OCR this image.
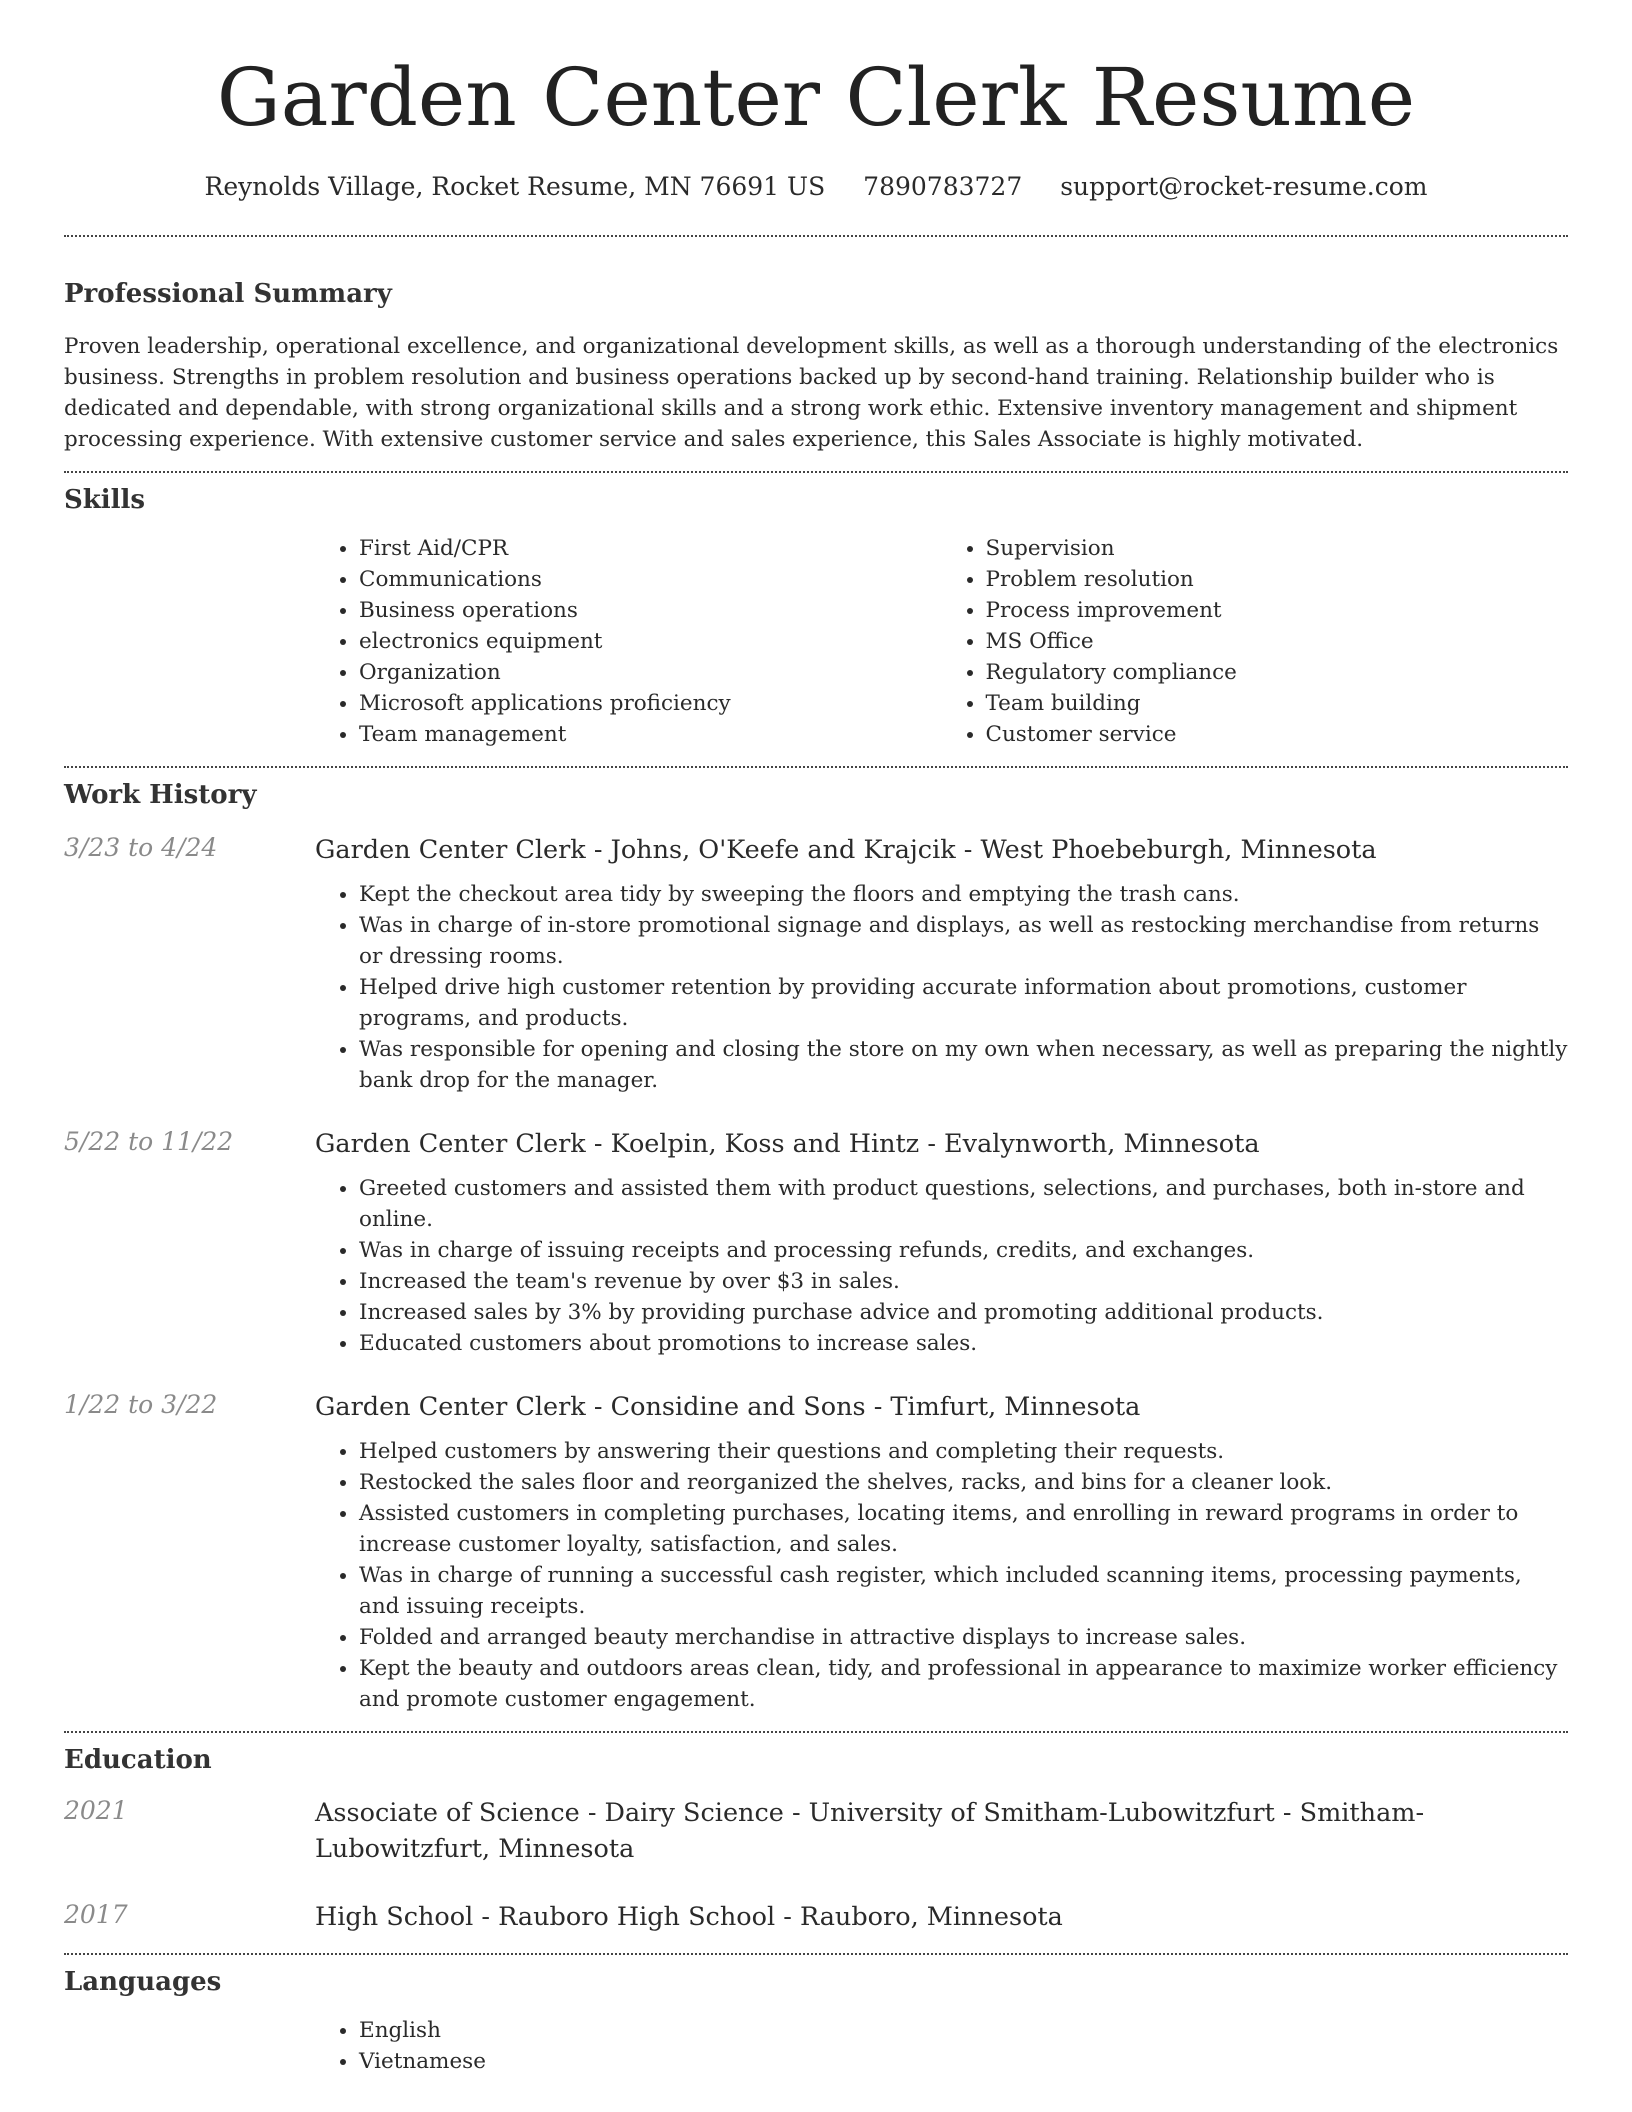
Garden Center Clerk Resume
Reynolds Village, Rocket Resume, MN 76691 US 7890783727 support@rocket-resume.com
Professional Summary

Proven leadership, operational excellence, and organizational development skills, as well as a thorough understanding of the electronics business. Strengths in problem resolution and business operations backed up by second-hand training. Relationship builder who is dedicated and dependable, with strong organizational skills and a strong work ethic. Extensive inventory management and shipment processing experience. With extensive customer service and sales experience, this Sales Associate is highly motivated.

Skills
• First Aid/CPR
• Communications
• Business operations
• electronics equipment
• Organization
• Microsoft applications proficiency
• Team management
• Supervision
• Problem resolution
• Process improvement
• MS Office
• Regulatory compliance
• Team building
• Customer service
Work History
3/23 to 4/24	Garden Center Clerk - Johns, O'Keefe and Krajcik - West Phoebeburgh, Minnesota
• Kept the checkout area tidy by sweeping the floors and emptying the trash cans.
• Was in charge of in-store promotional signage and displays, as well as restocking merchandise from returns or dressing rooms.
• Helped drive high customer retention by providing accurate information about promotions, customer programs, and products.
• Was responsible for opening and closing the store on my own when necessary, as well as preparing the nightly bank drop for the manager.
5/22 to 11/22	Garden Center Clerk - Koelpin, Koss and Hintz - Evalynworth, Minnesota
• Greeted customers and assisted them with product questions, selections, and purchases, both in-store and online.
• Was in charge of issuing receipts and processing refunds, credits, and exchanges.
• Increased the team's revenue by over $3 in sales.
• Increased sales by 3% by providing purchase advice and promoting additional products.
• Educated customers about promotions to increase sales.
1/22 to 3/22	Garden Center Clerk - Considine and Sons - Timfurt, Minnesota
• Helped customers by answering their questions and completing their requests.
• Restocked the sales floor and reorganized the shelves, racks, and bins for a cleaner look.
• Assisted customers in completing purchases, locating items, and enrolling in reward programs in order to increase customer loyalty, satisfaction, and sales.
• Was in charge of running a successful cash register, which included scanning items, processing payments, and issuing receipts.
• Folded and arranged beauty merchandise in attractive displays to increase sales.
• Kept the beauty and outdoors areas clean, tidy, and professional in appearance to maximize worker efficiency and promote customer engagement.
Education
2021	Associate of Science - Dairy Science - University of Smitham-Lubowitzfurt - Smitham-Lubowitzfurt, Minnesota
2017	High School - Rauboro High School - Rauboro, Minnesota
Languages
• English
• Vietnamese
